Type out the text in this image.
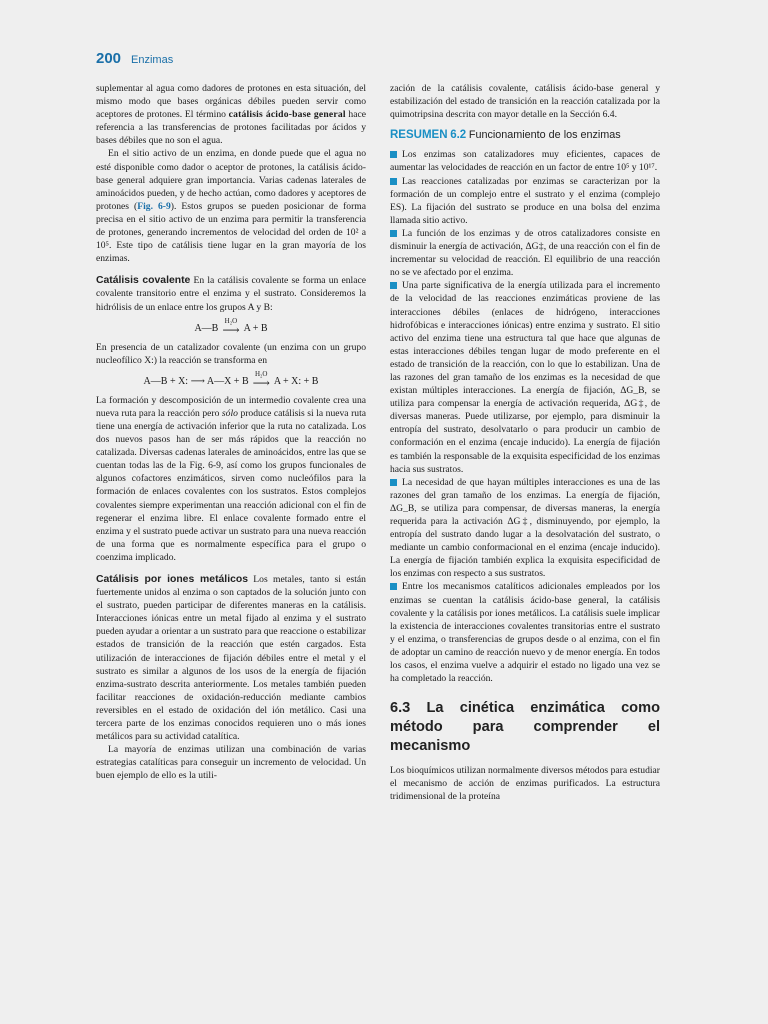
200 Enzimas

suplementar al agua como dadores de protones en esta situación, del mismo modo que bases orgánicas débiles pueden servir como aceptores de protones. El término catálisis ácido-base general hace referencia a las transferencias de protones facilitadas por ácidos y bases débiles que no son el agua.

En el sitio activo de un enzima, en donde puede que el agua no esté disponible como dador o aceptor de protones, la catálisis ácido-base general adquiere gran importancia. Varias cadenas laterales de aminoácidos pueden, y de hecho actúan, como dadores y aceptores de protones (Fig. 6-9). Estos grupos se pueden posicionar de forma precisa en el sitio activo de un enzima para permitir la transferencia de protones, generando incrementos de velocidad del orden de 10² a 10⁵. Este tipo de catálisis tiene lugar en la gran mayoría de los enzimas.

Catálisis covalente En la catálisis covalente se forma un enlace covalente transitorio entre el enzima y el sustrato. Consideremos la hidrólisis de un enlace entre los grupos A y B:

A—B
H₂O
⟶ A + B

En presencia de un catalizador covalente (un enzima con un grupo nucleofílico X:) la reacción se transforma en

A—B + X: ⟶ A—X + B
H₂O
⟶ A + X: + B

La formación y descomposición de un intermedio covalente crea una nueva ruta para la reacción pero sólo produce catálisis si la nueva ruta tiene una energía de activación inferior que la ruta no catalizada. Los dos nuevos pasos han de ser más rápidos que la reacción no catalizada. Diversas cadenas laterales de aminoácidos, entre las que se cuentan todas las de la Fig. 6-9, así como los grupos funcionales de algunos cofactores enzimáticos, sirven como nucleófilos para la formación de enlaces covalentes con los sustratos. Estos complejos covalentes siempre experimentan una reacción adicional con el fin de regenerar el enzima libre. El enlace covalente formado entre el enzima y el sustrato puede activar un sustrato para una nueva reacción de una forma que es normalmente específica para el grupo o coenzima implicado.

Catálisis por iones metálicos Los metales, tanto si están fuertemente unidos al enzima o son captados de la solución junto con el sustrato, pueden participar de diferentes maneras en la catálisis. Interacciones iónicas entre un metal fijado al enzima y el sustrato pueden ayudar a orientar a un sustrato para que reaccione o estabilizar estados de transición de la reacción que estén cargados. Esta utilización de interacciones de fijación débiles entre el metal y el sustrato es similar a algunos de los usos de la energía de fijación enzima-sustrato descrita anteriormente. Los metales también pueden facilitar reacciones de oxidación-reducción mediante cambios reversibles en el estado de oxidación del ión metálico. Casi una tercera parte de los enzimas conocidos requieren uno o más iones metálicos para su actividad catalítica.

La mayoría de enzimas utilizan una combinación de varias estrategias catalíticas para conseguir un incremento de velocidad. Un buen ejemplo de ello es la utili-

zación de la catálisis covalente, catálisis ácido-base general y estabilización del estado de transición en la reacción catalizada por la quimotripsina descrita con mayor detalle en la Sección 6.4.

RESUMEN 6.2 Funcionamiento de los enzimas

Los enzimas son catalizadores muy eficientes, capaces de aumentar las velocidades de reacción en un factor de entre 10⁵ y 10¹⁷.

Las reacciones catalizadas por enzimas se caracterizan por la formación de un complejo entre el sustrato y el enzima (complejo ES). La fijación del sustrato se produce en una bolsa del enzima llamada sitio activo.

La función de los enzimas y de otros catalizadores consiste en disminuir la energía de activación, ΔG‡, de una reacción con el fin de incrementar su velocidad de reacción. El equilibrio de una reacción no se ve afectado por el enzima.

Una parte significativa de la energía utilizada para el incremento de la velocidad de las reacciones enzimáticas proviene de las interacciones débiles (enlaces de hidrógeno, interacciones hidrofóbicas e interacciones iónicas) entre enzima y sustrato. El sitio activo del enzima tiene una estructura tal que hace que algunas de estas interacciones débiles tengan lugar de modo preferente en el estado de transición de la reacción, con lo que lo estabilizan. Una de las razones del gran tamaño de los enzimas es la necesidad de que existan múltiples interacciones. La energía de fijación, ΔG_B, se utiliza para compensar la energía de activación requerida, ΔG‡, de diversas maneras. Puede utilizarse, por ejemplo, para disminuir la entropía del sustrato, desolvatarlo o para producir un cambio de conformación en el enzima (encaje inducido). La energía de fijación es también la responsable de la exquisita especificidad de los enzimas hacia sus sustratos.

La necesidad de que hayan múltiples interacciones es una de las razones del gran tamaño de los enzimas. La energía de fijación, ΔG_B, se utiliza para compensar, de diversas maneras, la energía requerida para la activación ΔG‡, disminuyendo, por ejemplo, la entropía del sustrato dando lugar a la desolvatación del sustrato, o mediante un cambio conformacional en el enzima (encaje inducido). La energía de fijación también explica la exquisita especificidad de los enzimas con respecto a sus sustratos.

Entre los mecanismos catalíticos adicionales empleados por los enzimas se cuentan la catálisis ácido-base general, la catálisis covalente y la catálisis por iones metálicos. La catálisis suele implicar la existencia de interacciones covalentes transitorias entre el sustrato y el enzima, o transferencias de grupos desde o al enzima, con el fin de adoptar un camino de reacción nuevo y de menor energía. En todos los casos, el enzima vuelve a adquirir el estado no ligado una vez se ha completado la reacción.

6.3 La cinética enzimática como método para comprender el mecanismo

Los bioquímicos utilizan normalmente diversos métodos para estudiar el mecanismo de acción de enzimas purificados. La estructura tridimensional de la proteína
